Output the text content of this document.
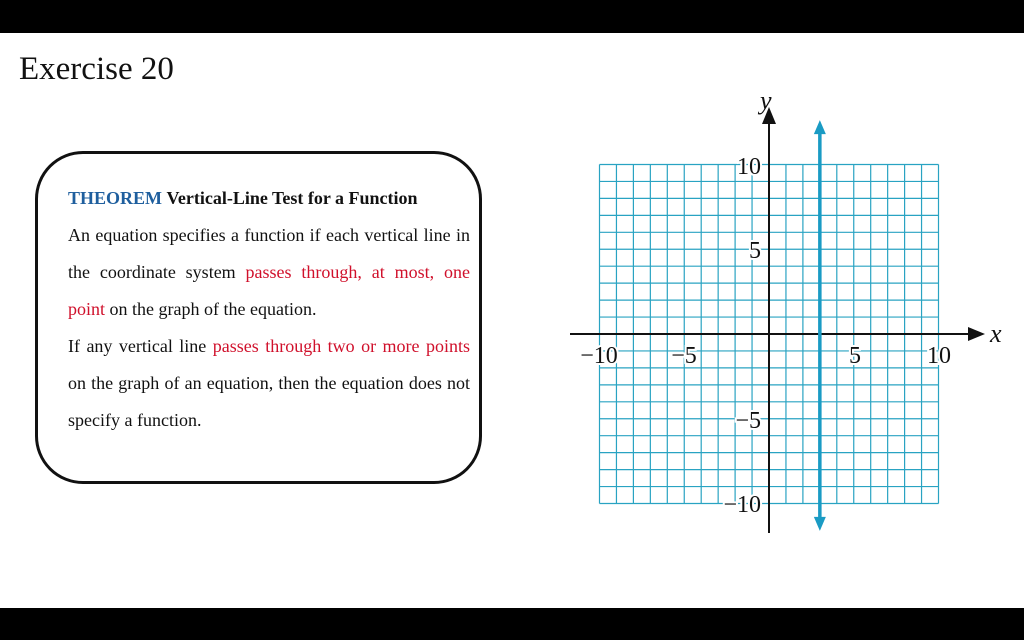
Exercise 20

THEOREM Vertical-Line Test for a Function

An equation specifies a function if each vertical line in the coordinate system passes through, at most, one point on the graph of the equation.

If any vertical line passes through two or more points on the graph of an equation, then the equation does not specify a function.

x
y
−10 −5	5	10
10
5
−5
−10
